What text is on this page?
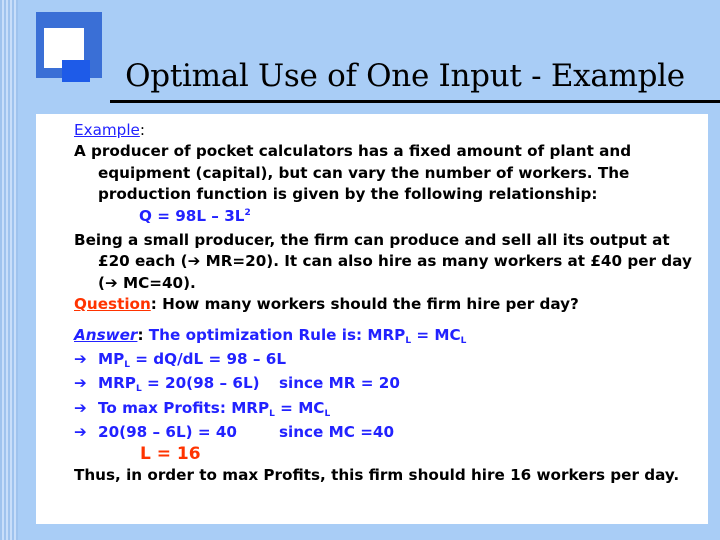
Optimal Use of One Input - Example

Example:

A producer of pocket calculators has a fixed amount of plant and equipment (capital), but can vary the number of workers. The production function is given by the following relationship:

$Q = 98L - 3L^2$

Being a small producer, the firm can produce and sell all its output at £20 each (➔ MR=20). It can also hire as many workers at £40 per day (➔ MC=40).

Question: How many workers should the firm hire per day?

Answer: The optimization Rule is: MRPL = MCL

➔ MPL = dQ/dL = 98 – 6L

➔ MRPL = 20(98 – 6L) since MR = 20

➔ To max Profits: MRPL = MCL

➔ 20(98 – 6L) = 40	since MC =40

L = 16

Thus, in order to max Profits, this firm should hire 16 workers per day.
